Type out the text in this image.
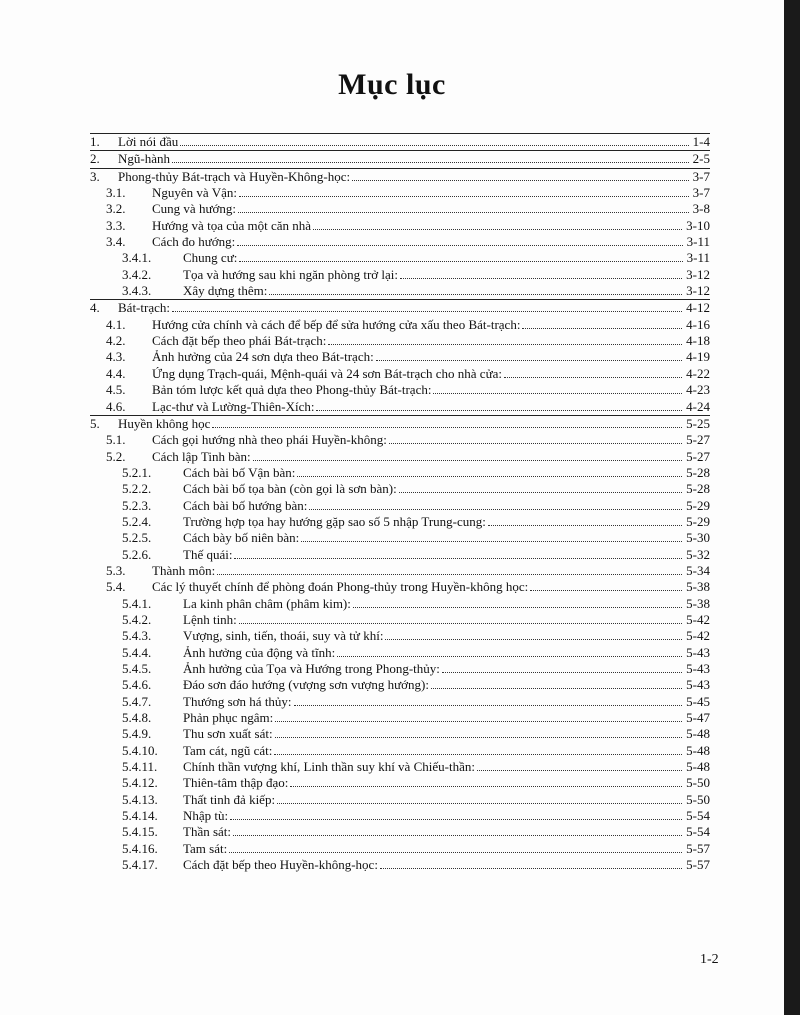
Mục lục
1. Lời nói đầu	1-4
2. Ngũ-hành	2-5
3. Phong-thủy Bát-trạch và Huyền-Không-học:	3-7
3.1. Nguyên và Vận:	3-7
3.2. Cung và hướng:	3-8
3.3. Hướng và tọa của một căn nhà	3-10
3.4. Cách đo hướng:	3-11
3.4.1. Chung cư:	3-11
3.4.2. Tọa và hướng sau khi ngăn phòng trở lại:	3-12
3.4.3. Xây dựng thêm:	3-12
4. Bát-trạch:	4-12
4.1. Hướng cửa chính và cách để bếp để sửa hướng cửa xấu theo Bát-trạch:	4-16
4.2. Cách đặt bếp theo phái Bát-trạch:	4-18
4.3. Ảnh hưởng của 24 sơn dựa theo Bát-trạch:	4-19
4.4. Ứng dụng Trạch-quái, Mệnh-quái và 24 sơn Bát-trạch cho nhà cửa:	4-22
4.5. Bản tóm lược kết quả dựa theo Phong-thủy Bát-trạch:	4-23
4.6. Lạc-thư và Lường-Thiên-Xích:	4-24
5. Huyền không học	5-25
5.1. Cách gọi hướng nhà theo phái Huyền-không:	5-27
5.2. Cách lập Tinh bàn:	5-27
5.2.1. Cách bài bố Vận bàn:	5-28
5.2.2. Cách bài bố tọa bàn (còn gọi là sơn bàn):	5-28
5.2.3. Cách bài bố hướng bàn:	5-29
5.2.4. Trường hợp tọa hay hướng gặp sao số 5 nhập Trung-cung:	5-29
5.2.5. Cách bày bố niên bàn:	5-30
5.2.6. Thế quái:	5-32
5.3. Thành môn:	5-34
5.4. Các lý thuyết chính để phòng đoán Phong-thủy trong Huyền-không học:	5-38
5.4.1. La kinh phân châm (phâm kim):	5-38
5.4.2. Lệnh tinh:	5-42
5.4.3. Vượng, sinh, tiến, thoái, suy và tử khí:	5-42
5.4.4. Ảnh hưởng của động và tĩnh:	5-43
5.4.5. Ảnh hưởng của Tọa và Hướng trong Phong-thủy:	5-43
5.4.6. Đáo sơn đáo hướng (vượng sơn vượng hướng):	5-43
5.4.7. Thướng sơn há thủy:	5-45
5.4.8. Phản phục ngâm:	5-47
5.4.9. Thu sơn xuất sát:	5-48
5.4.10. Tam cát, ngũ cát:	5-48
5.4.11. Chính thần vượng khí, Linh thần suy khí và Chiếu-thần:	5-48
5.4.12. Thiên-tâm thập đạo:	5-50
5.4.13. Thất tinh đả kiếp:	5-50
5.4.14. Nhập tù:	5-54
5.4.15. Thần sát:	5-54
5.4.16. Tam sát:	5-57
5.4.17. Cách đặt bếp theo Huyền-không-học:	5-57
1-2
